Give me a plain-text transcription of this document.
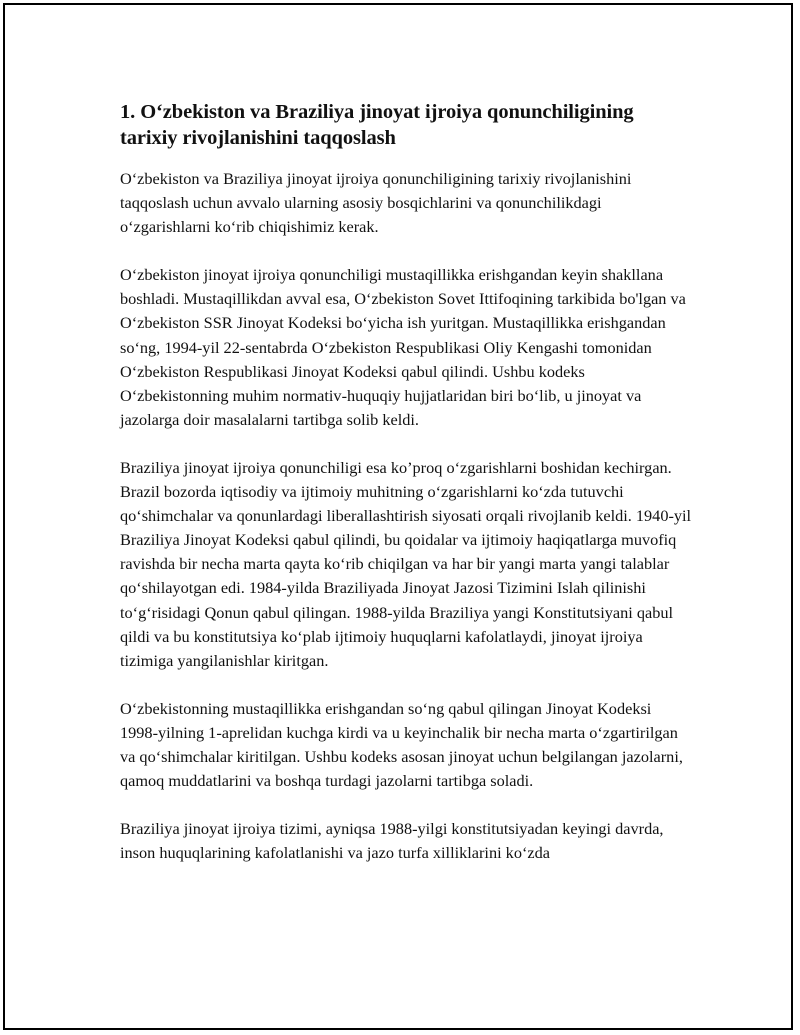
1. O‘zbekiston va Braziliya jinoyat ijroiya qonunchiligining tarixiy rivojlanishini taqqoslash

O‘zbekiston va Braziliya jinoyat ijroiya qonunchiligining tarixiy rivojlanishini taqqoslash uchun avvalo ularning asosiy bosqichlarini va qonunchilikdagi o‘zgarishlarni ko‘rib chiqishimiz kerak.

O‘zbekiston jinoyat ijroiya qonunchiligi mustaqillikka erishgandan keyin shakllana boshladi. Mustaqillikdan avval esa, O‘zbekiston Sovet Ittifoqining tarkibida bo'lgan va O‘zbekiston SSR Jinoyat Kodeksi bo‘yicha ish yuritgan. Mustaqillikka erishgandan so‘ng, 1994-yil 22-sentabrda O‘zbekiston Respublikasi Oliy Kengashi tomonidan O‘zbekiston Respublikasi Jinoyat Kodeksi qabul qilindi. Ushbu kodeks O‘zbekistonning muhim normativ-huquqiy hujjatlaridan biri bo‘lib, u jinoyat va jazolarga doir masalalarni tartibga solib keldi.

Braziliya jinoyat ijroiya qonunchiligi esa ko’proq o‘zgarishlarni boshidan kechirgan. Brazil bozorda iqtisodiy va ijtimoiy muhitning o‘zgarishlarni ko‘zda tutuvchi qo‘shimchalar va qonunlardagi liberallashtirish siyosati orqali rivojlanib keldi. 1940-yil Braziliya Jinoyat Kodeksi qabul qilindi, bu qoidalar va ijtimoiy haqiqatlarga muvofiq ravishda bir necha marta qayta ko‘rib chiqilgan va har bir yangi marta yangi talablar qo‘shilayotgan edi. 1984-yilda Braziliyada Jinoyat Jazosi Tizimini Islah qilinishi to‘g‘risidagi Qonun qabul qilingan. 1988-yilda Braziliya yangi Konstitutsiyani qabul qildi va bu konstitutsiya ko‘plab ijtimoiy huquqlarni kafolatlaydi, jinoyat ijroiya tizimiga yangilanishlar kiritgan.

O‘zbekistonning mustaqillikka erishgandan so‘ng qabul qilingan Jinoyat Kodeksi 1998-yilning 1-aprelidan kuchga kirdi va u keyinchalik bir necha marta o‘zgartirilgan va qo‘shimchalar kiritilgan. Ushbu kodeks asosan jinoyat uchun belgilangan jazolarni, qamoq muddatlarini va boshqa turdagi jazolarni tartibga soladi.

Braziliya jinoyat ijroiya tizimi, ayniqsa 1988-yilgi konstitutsiyadan keyingi davrda, inson huquqlarining kafolatlanishi va jazo turfa xilliklarini ko‘zda
